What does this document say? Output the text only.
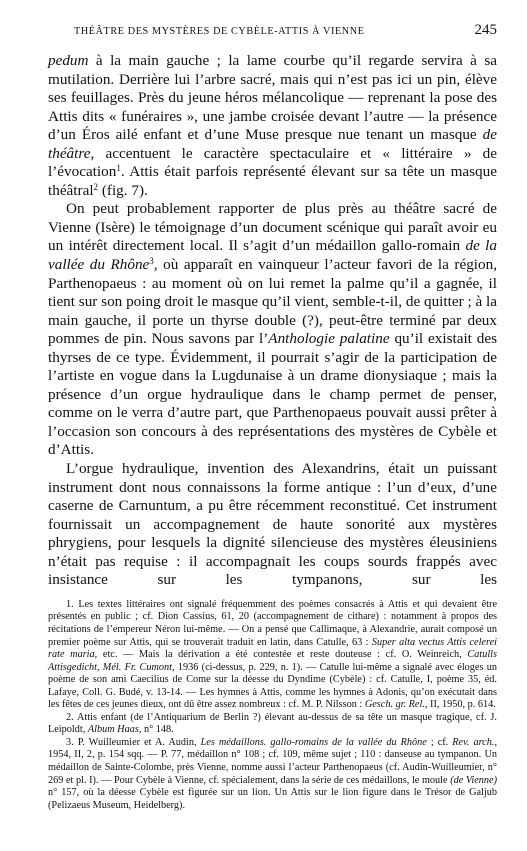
THÉÂTRE DES MYSTÈRES DE CYBÈLE-ATTIS À VIENNE	245

pedum à la main gauche ; la lame courbe qu’il regarde servira à sa mutilation. Derrière lui l’arbre sacré, mais qui n’est pas ici un pin, élève ses feuillages. Près du jeune héros mélancolique — reprenant la pose des Attis dits « funéraires », une jambe croisée devant l’autre — la présence d’un Éros ailé enfant et d’une Muse presque nue tenant un masque de théâtre, accentuent le caractère spectaculaire et « littéraire » de l’évocation$^1$. Attis était parfois représenté élevant sur sa tête un masque théâtral$^2$ (fig. 7).

On peut probablement rapporter de plus près au théâtre sacré de Vienne (Isère) le témoignage d’un document scénique qui paraît avoir eu un intérêt directement local. Il s’agit d’un médaillon gallo-romain de la vallée du Rhône$^3$, où apparaît en vainqueur l’acteur favori de la région, Parthenopaeus : au moment où on lui remet la palme qu’il a gagnée, il tient sur son poing droit le masque qu’il vient, semble-t-il, de quitter ; à la main gauche, il porte un thyrse double (?), peut-être terminé par deux pommes de pin. Nous savons par l’Anthologie palatine qu’il existait des thyrses de ce type. Évidemment, il pourrait s’agir de la participation de l’artiste en vogue dans la Lugdunaise à un drame dionysiaque ; mais la présence d’un orgue hydraulique dans le champ permet de penser, comme on le verra d’autre part, que Parthenopaeus pouvait aussi prêter à l’occasion son concours à des représentations des mystères de Cybèle et d’Attis.

L’orgue hydraulique, invention des Alexandrins, était un puissant instrument dont nous connaissons la forme antique : l’un d’eux, d’une caserne de Carnuntum, a pu être récemment reconstitué. Cet instrument fournissait un accompagnement de haute sonorité aux mystères phrygiens, pour lesquels la dignité silencieuse des mystères éleusiniens n’était pas requise : il accompagnait les coups sourds frappés avec insistance sur les tympanons, sur les

1. Les textes littéraires ont signalé fréquemment des poèmes consacrés à Attis et qui devaient être présentés en public ; cf. Dion Cassius, 61, 20 (accompagnement de cithare) : notamment à propos des récitations de l’empereur Néron lui-même. — On a pensé que Callimaque, à Alexandrie, aurait composé un premier poème sur Attis, qui se trouverait traduit en latin, dans Catulle, 63 : Super alta vectus Attis celerei rate maria, etc. — Mais la dérivation a été contestée et reste douteuse : cf. O. Weinreich, Catulls Attisgedicht, Mél. Fr. Cumont, 1936 (ci-dessus, p. 229, n. 1). — Catulle lui-même a signalé avec éloges un poème de son ami Caecilius de Come sur la déesse du Dyndime (Cybèle) : cf. Catulle, I, poème 35, éd. Lafaye, Coll. G. Budé, v. 13-14. — Les hymnes à Attis, comme les hymnes à Adonis, qu’on exécutait dans les fêtes de ces jeunes dieux, ont dû être assez nombreux : cf. M. P. Nilsson : Gesch. gr. Rel., II, 1950, p. 614.

2. Attis enfant (de l’Antiquarium de Berlin ?) élevant au-dessus de sa tête un masque tragique, cf. J. Leipoldt, Album Haas, n° 148.

3. P. Wuilleumier et A. Audin, Les médaillons. gallo-romains de la vallée du Rhône ; cf. Rev. arch., 1954, II, 2, p. 154 sqq. — P. 77, médaillon n° 108 ; cf. 109, même sujet ; 110 : danseuse au tympanon. Un médaillon de Sainte-Colombe, près Vienne, nomme aussi l’acteur Parthenopaeus (cf. Audin-Wuilleumier, n° 269 et pl. I). — Pour Cybèle à Vienne, cf. spécialement, dans la série de ces médaillons, le moule (de Vienne) n° 157, où la déesse Cybèle est figurée sur un lion. Un Attis sur le lion figure dans le Trésor de Galjub (Pelizaeus Museum, Heidelberg).
